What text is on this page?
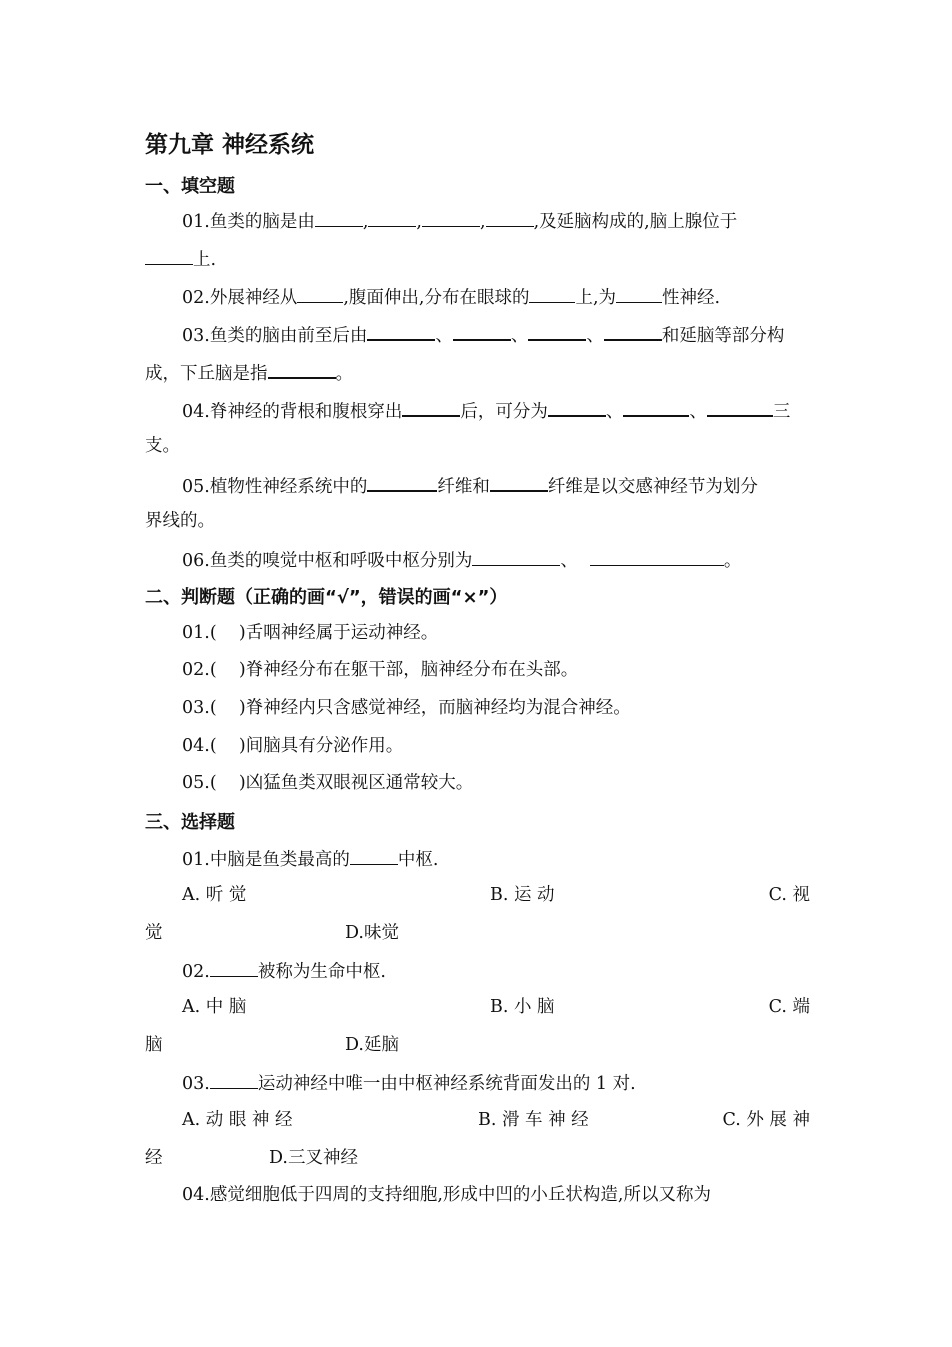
第九章 神经系统
一、填空题
01.鱼类的脑是由	,	,	,	,及延脑构成的,脑上腺位于
上.
02.外展神经从	,腹面伸出,分布在眼球的	上,为	性神经.
03.鱼类的脑由前至后由	、	、	、	和延脑等部分构
成，下丘脑是指	。
04.脊神经的背根和腹根穿出	后，可分为	、	、	三
支。
05.植物性神经系统中的	纤维和	纤维是以交感神经节为划分
界线的。
06.鱼类的嗅觉中枢和呼吸中枢分别为	、	。
二、判断题（正确的画“√”，错误的画“×”）
01.(    )舌咽神经属于运动神经。
02.(    )脊神经分布在躯干部，脑神经分布在头部。
03.(    )脊神经内只含感觉神经，而脑神经均为混合神经。
04.(    )间脑具有分泌作用。
05.(    )凶猛鱼类双眼视区通常较大。
三、选择题
01.中脑是鱼类最高的	中枢.
A. 听 觉	B. 运 动	C. 视
觉	D.味觉
02.	被称为生命中枢.
A. 中 脑	B. 小 脑	C. 端
脑	D.延脑
03.	运动神经中唯一由中枢神经系统背面发出的 1 对.
A. 动 眼 神 经	B. 滑 车 神 经	C. 外 展 神
经	D.三叉神经
04.感觉细胞低于四周的支持细胞,形成中凹的小丘状构造,所以又称为
